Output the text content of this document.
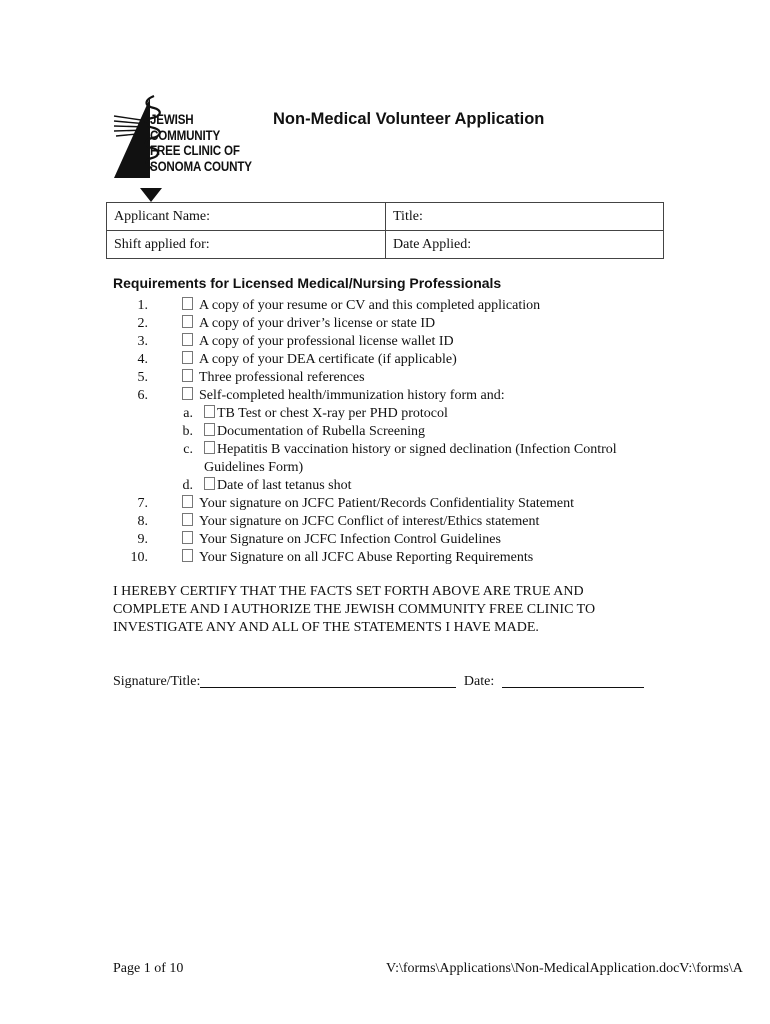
JEWISH
COMMUNITY
FREE CLINIC OF
SONOMA COUNTY
Non-Medical Volunteer Application
Applicant Name:	Title:
Shift applied for:	Date Applied:
Requirements for Licensed Medical/Nursing Professionals
1.	A copy of your resume or CV and this completed application
2.	A copy of your driver’s license or state ID
3.	A copy of your professional license wallet ID
4.	A copy of your DEA certificate (if applicable)
5.	Three professional references
6.	Self-completed health/immunization history form and:
a.	TB Test or chest X-ray per PHD protocol
b.	Documentation of Rubella Screening
c.	Hepatitis B vaccination history or signed declination (Infection Control
Guidelines Form)
d.	Date of last tetanus shot
7.	Your signature on JCFC Patient/Records Confidentiality Statement
8.	Your signature on JCFC Conflict of interest/Ethics statement
9.	Your Signature on JCFC Infection Control Guidelines
10.	Your Signature on all JCFC Abuse Reporting Requirements
I HEREBY CERTIFY THAT THE FACTS SET FORTH ABOVE ARE TRUE AND
COMPLETE AND I AUTHORIZE THE JEWISH COMMUNITY FREE CLINIC TO
INVESTIGATE ANY AND ALL OF THE STATEMENTS I HAVE MADE.
Signature/Title:	Date:
Page 1 of 10	V:\forms\Applications\Non-MedicalApplication.docV:\forms\A
